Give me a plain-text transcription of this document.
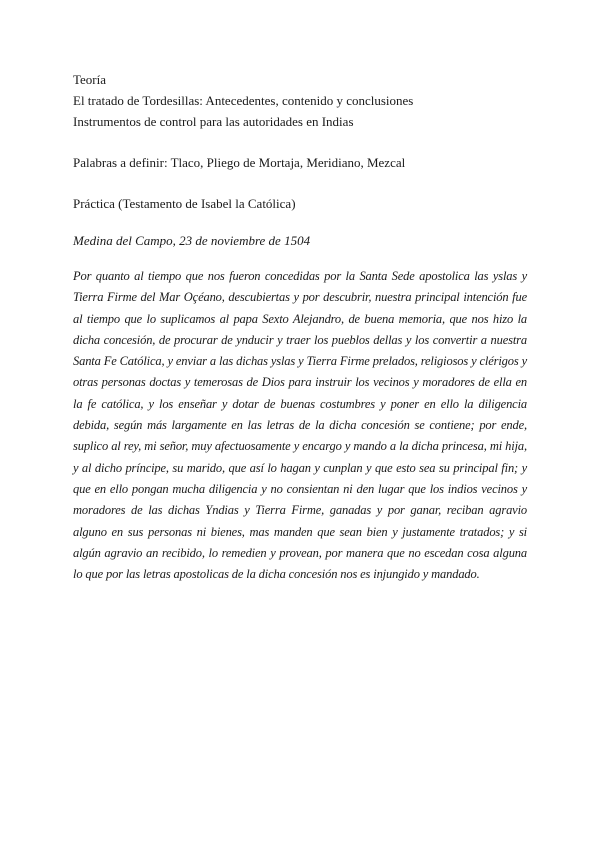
Teoría
El tratado de Tordesillas: Antecedentes, contenido y conclusiones
Instrumentos de control para las autoridades en Indias
Palabras a definir: Tlaco, Pliego de Mortaja, Meridiano, Mezcal
Práctica (Testamento de Isabel la Católica)
Medina del Campo, 23 de noviembre de 1504
Por quanto al tiempo que nos fueron concedidas por la Santa Sede apostolica las yslas y Tierra Firme del Mar Oçéano, descubiertas y por descubrir, nuestra principal intención fue al tiempo que lo suplicamos al papa Sexto Alejandro, de buena memoria, que nos hizo la dicha concesión, de procurar de ynducir y traer los pueblos dellas y los convertir a nuestra Santa Fe Católica, y enviar a las dichas yslas y Tierra Firme prelados, religiosos y clérigos y otras personas doctas y temerosas de Dios para instruir los vecinos y moradores de ella en la fe católica, y los enseñar y dotar de buenas costumbres y poner en ello la diligencia debida, según más largamente en las letras de la dicha concesión se contiene; por ende, suplico al rey, mi señor, muy afectuosamente y encargo y mando a la dicha princesa, mi hija, y al dicho príncipe, su marido, que así lo hagan y cunplan y que esto sea su principal fin; y que en ello pongan mucha diligencia y no consientan ni den lugar que los indios vecinos y moradores de las dichas Yndias y Tierra Firme, ganadas y por ganar, reciban agravio alguno en sus personas ni bienes, mas manden que sean bien y justamente tratados; y si algún agravio an recibido, lo remedien y provean, por manera que no escedan cosa alguna lo que por las letras apostolicas de la dicha concesión nos es injungido y mandado.
